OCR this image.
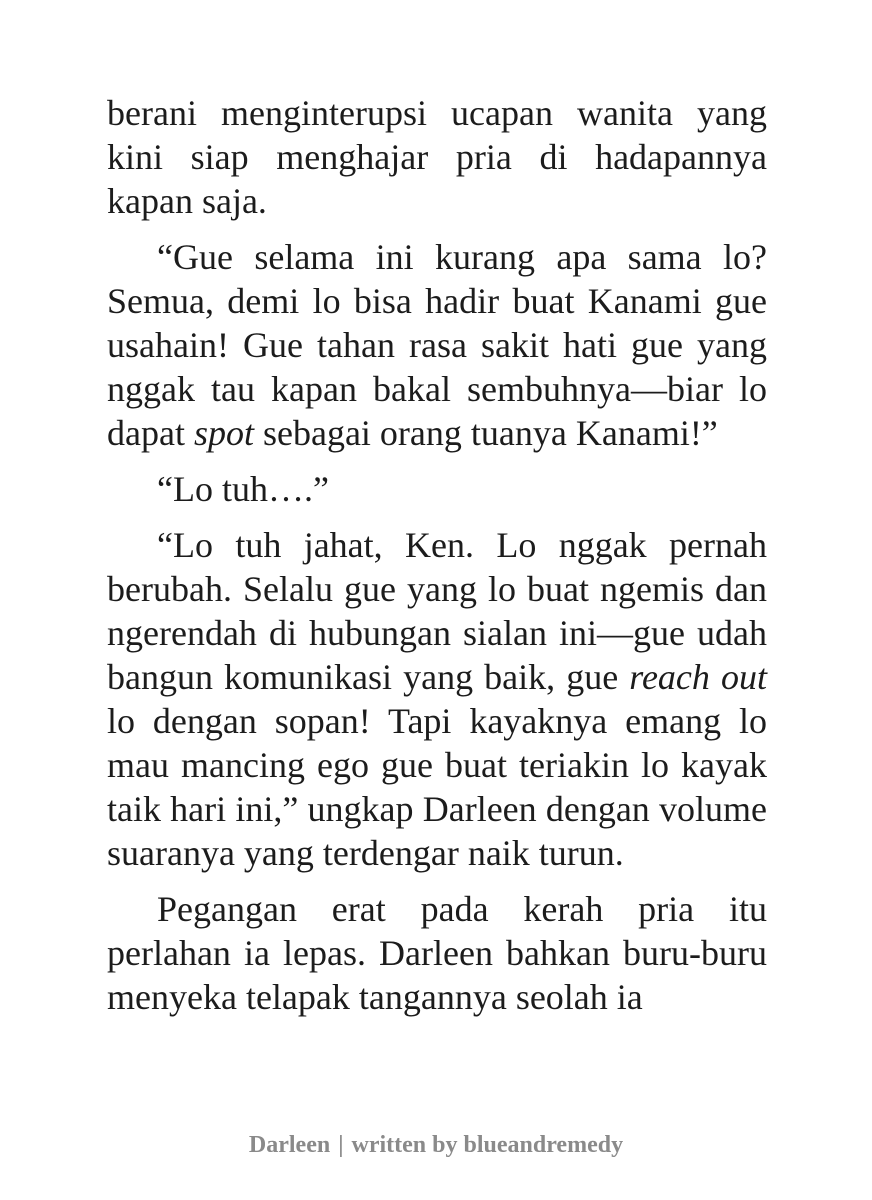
berani menginterupsi ucapan wanita yang kini siap menghajar pria di hadapannya kapan saja.

“Gue selama ini kurang apa sama lo? Semua, demi lo bisa hadir buat Kanami gue usahain! Gue tahan rasa sakit hati gue yang nggak tau kapan bakal sembuhnya—biar lo dapat spot sebagai orang tuanya Kanami!”

“Lo tuh….”

“Lo tuh jahat, Ken. Lo nggak pernah berubah. Selalu gue yang lo buat ngemis dan ngerendah di hubungan sialan ini—gue udah bangun komunikasi yang baik, gue reach out lo dengan sopan! Tapi kayaknya emang lo mau mancing ego gue buat teriakin lo kayak taik hari ini,” ungkap Darleen dengan volume suaranya yang terdengar naik turun.

Pegangan erat pada kerah pria itu perlahan ia lepas. Darleen bahkan buru-buru menyeka telapak tangannya seolah ia

Darleen | written by blueandremedy
